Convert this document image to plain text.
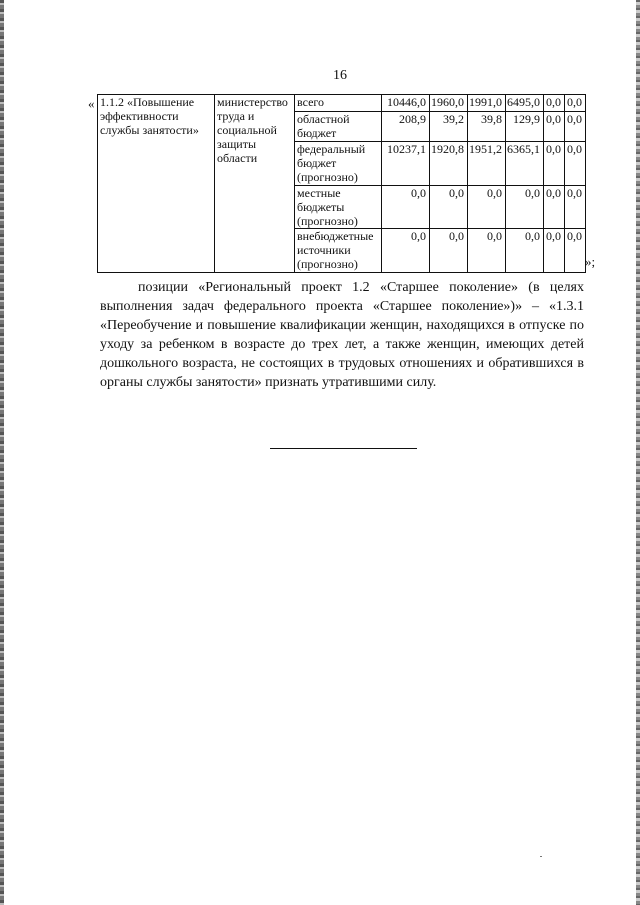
16
« 1.1.2 «Повышение эффективности службы занятости»	министерство труда и социальной защиты области	всего	10446,0	1960,0	1991,0	6495,0	0,0	0,0
		областной бюджет	208,9	39,2	39,8	129,9	0,0	0,0
		федеральный бюджет (прогнозно)	10237,1	1920,8	1951,2	6365,1	0,0	0,0
		местные бюджеты (прогнозно)	0,0	0,0	0,0	0,0	0,0	0,0
		внебюджетные источники (прогнозно)	0,0	0,0	0,0	0,0	0,0	0,0
»;

позиции «Региональный проект 1.2 «Старшее поколение» (в целях выполнения задач федерального проекта «Старшее поколение»)» – «1.3.1 «Переобучение и повышение квалификации женщин, находящихся в отпуске по уходу за ребенком в возрасте до трех лет, а также женщин, имеющих детей дошкольного возраста, не состоящих в трудовых отношениях и обратившихся в органы службы занятости» признать утратившими силу.
